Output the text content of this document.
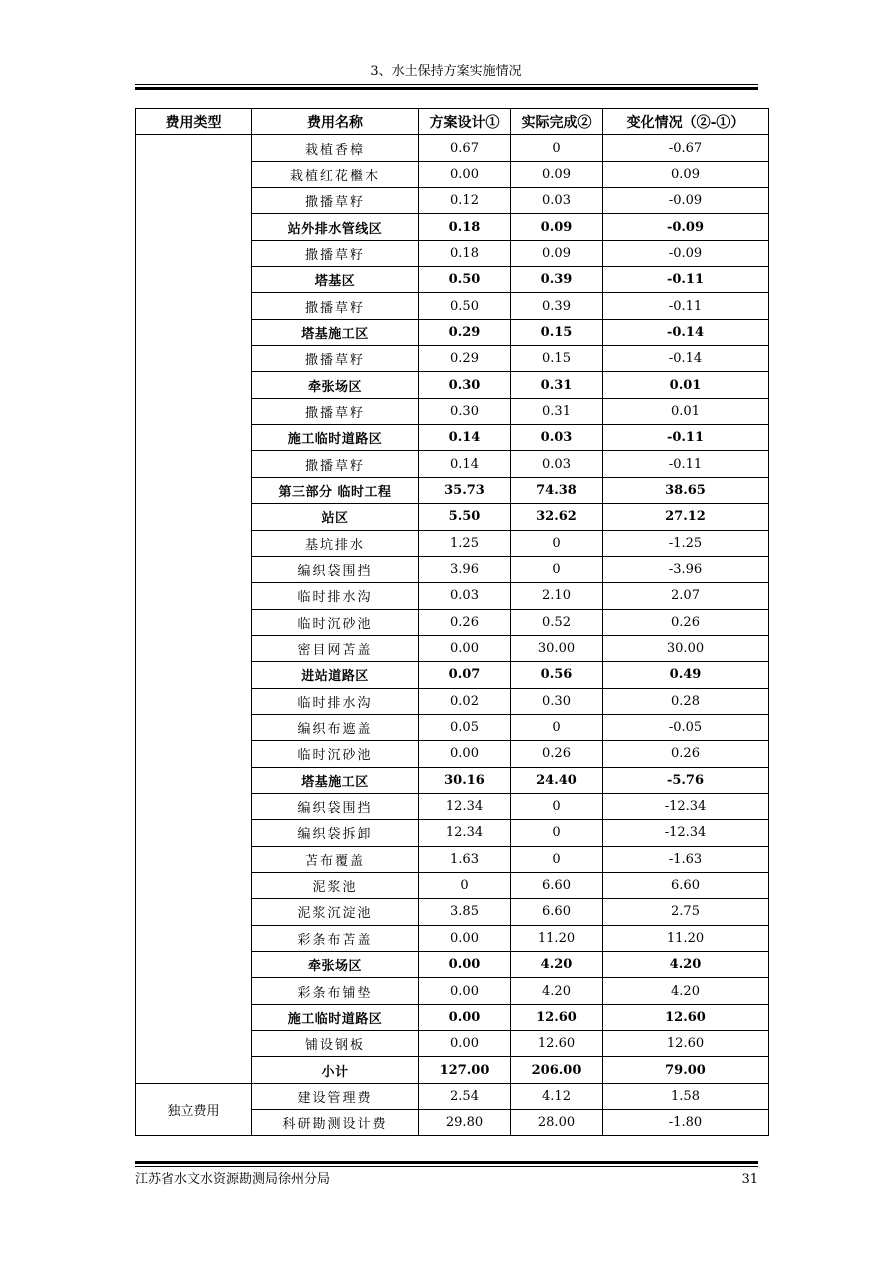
3、水土保持方案实施情况
费用类型	费用名称	方案设计①	实际完成②	变化情况（②-①）
	栽植香樟	0.67	0	-0.67
	栽植红花檵木	0.00	0.09	0.09
	撒播草籽	0.12	0.03	-0.09
	站外排水管线区	0.18	0.09	-0.09
	撒播草籽	0.18	0.09	-0.09
	塔基区	0.50	0.39	-0.11
	撒播草籽	0.50	0.39	-0.11
	塔基施工区	0.29	0.15	-0.14
	撒播草籽	0.29	0.15	-0.14
	牵张场区	0.30	0.31	0.01
	撒播草籽	0.30	0.31	0.01
	施工临时道路区	0.14	0.03	-0.11
	撒播草籽	0.14	0.03	-0.11
	第三部分 临时工程	35.73	74.38	38.65
	站区	5.50	32.62	27.12
	基坑排水	1.25	0	-1.25
	编织袋围挡	3.96	0	-3.96
	临时排水沟	0.03	2.10	2.07
	临时沉砂池	0.26	0.52	0.26
	密目网苫盖	0.00	30.00	30.00
	进站道路区	0.07	0.56	0.49
	临时排水沟	0.02	0.30	0.28
	编织布遮盖	0.05	0	-0.05
	临时沉砂池	0.00	0.26	0.26
	塔基施工区	30.16	24.40	-5.76
	编织袋围挡	12.34	0	-12.34
	编织袋拆卸	12.34	0	-12.34
	苫布覆盖	1.63	0	-1.63
	泥浆池	0	6.60	6.60
	泥浆沉淀池	3.85	6.60	2.75
	彩条布苫盖	0.00	11.20	11.20
	牵张场区	0.00	4.20	4.20
	彩条布铺垫	0.00	4.20	4.20
	施工临时道路区	0.00	12.60	12.60
	铺设钢板	0.00	12.60	12.60
	小计	127.00	206.00	79.00
独立费用	建设管理费	2.54	4.12	1.58
	科研勘测设计费	29.80	28.00	-1.80
江苏省水文水资源勘测局徐州分局	31
